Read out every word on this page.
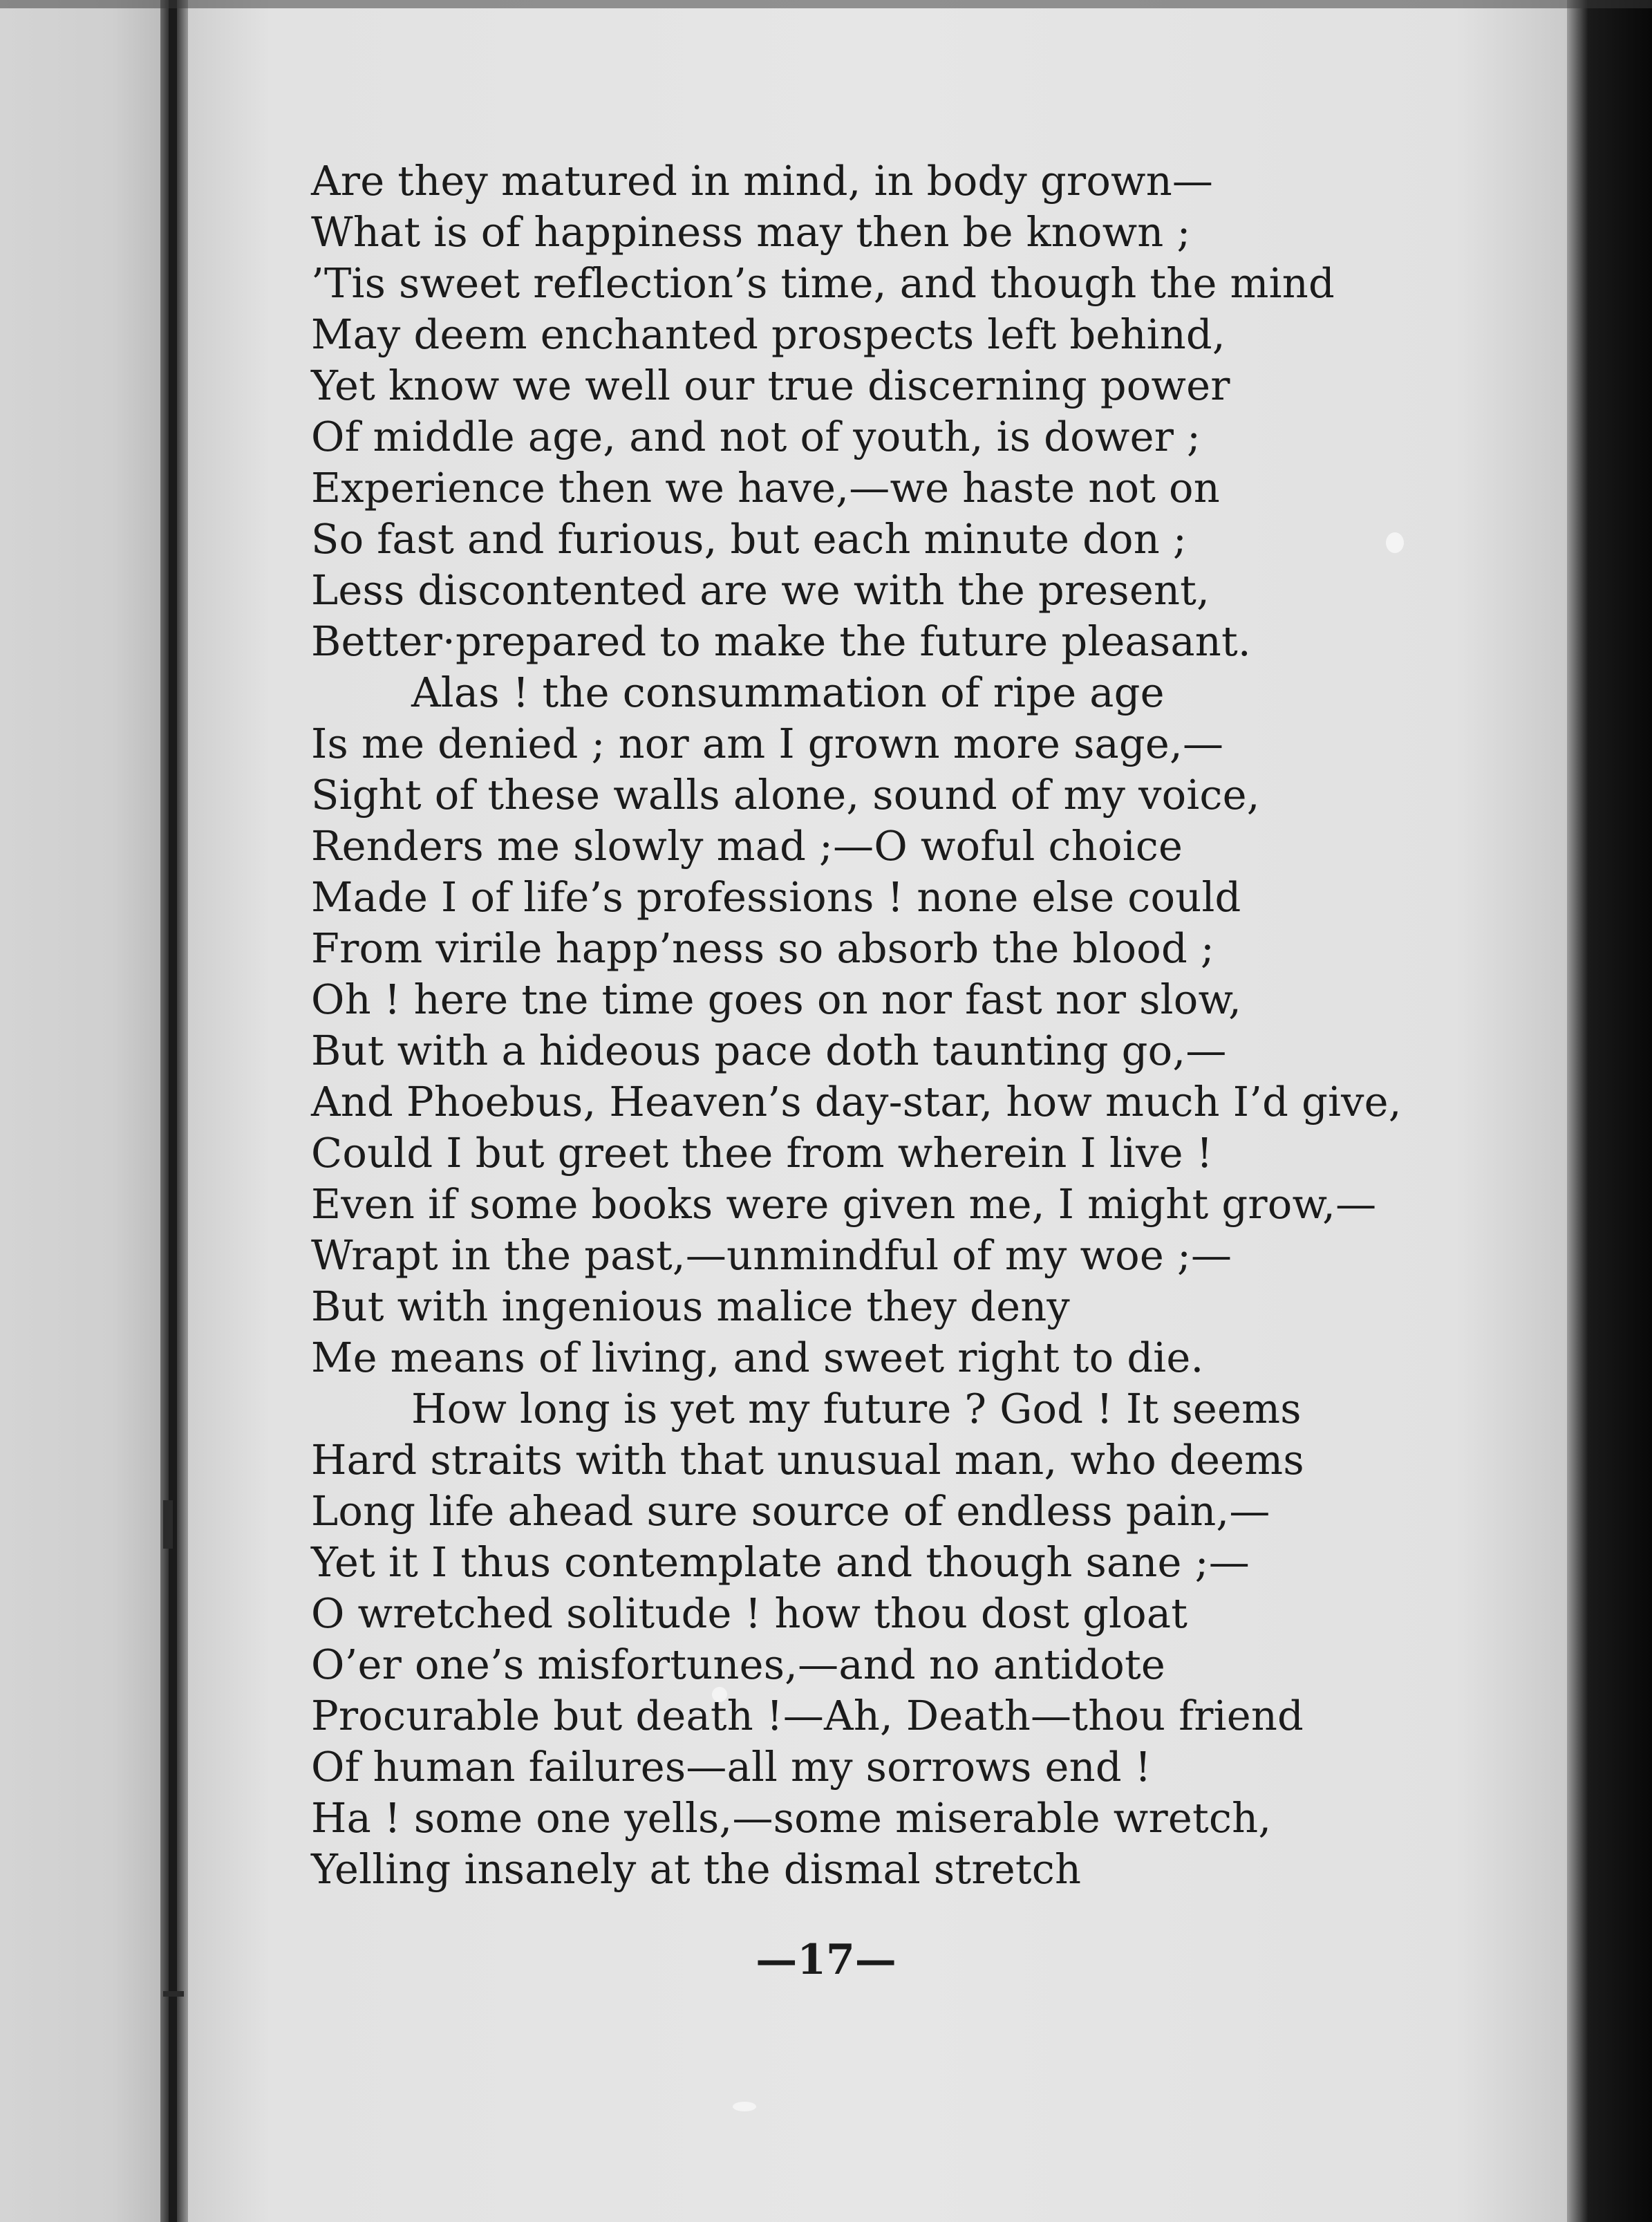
Are they matured in mind, in body grown—
What is of happiness may then be known ;
’Tis sweet reflection’s time, and though the mind
May deem enchanted prospects left behind,
Yet know we well our true discerning power
Of middle age, and not of youth, is dower ;
Experience then we have,—we haste not on
So fast and furious, but each minute don ;
Less discontented are we with the present,
Better·prepared to make the future pleasant.
Alas ! the consummation of ripe age
Is me denied ; nor am I grown more sage,—
Sight of these walls alone, sound of my voice,
Renders me slowly mad ;—O woful choice
Made I of life’s professions ! none else could
From virile happ’ness so absorb the blood ;
Oh ! here tne time goes on nor fast nor slow,
But with a hideous pace doth taunting go,—
And Phoebus, Heaven’s day-star, how much I’d give,
Could I but greet thee from wherein I live !
Even if some books were given me, I might grow,—
Wrapt in the past,—unmindful of my woe ;—
But with ingenious malice they deny
Me means of living, and sweet right to die.
How long is yet my future ? God ! It seems
Hard straits with that unusual man, who deems
Long life ahead sure source of endless pain,—
Yet it I thus contemplate and though sane ;—
O wretched solitude ! how thou dost gloat
O’er one’s misfortunes,—and no antidote
Procurable but death !—Ah, Death—thou friend
Of human failures—all my sorrows end !
Ha ! some one yells,—some miserable wretch,
Yelling insanely at the dismal stretch
—17—
